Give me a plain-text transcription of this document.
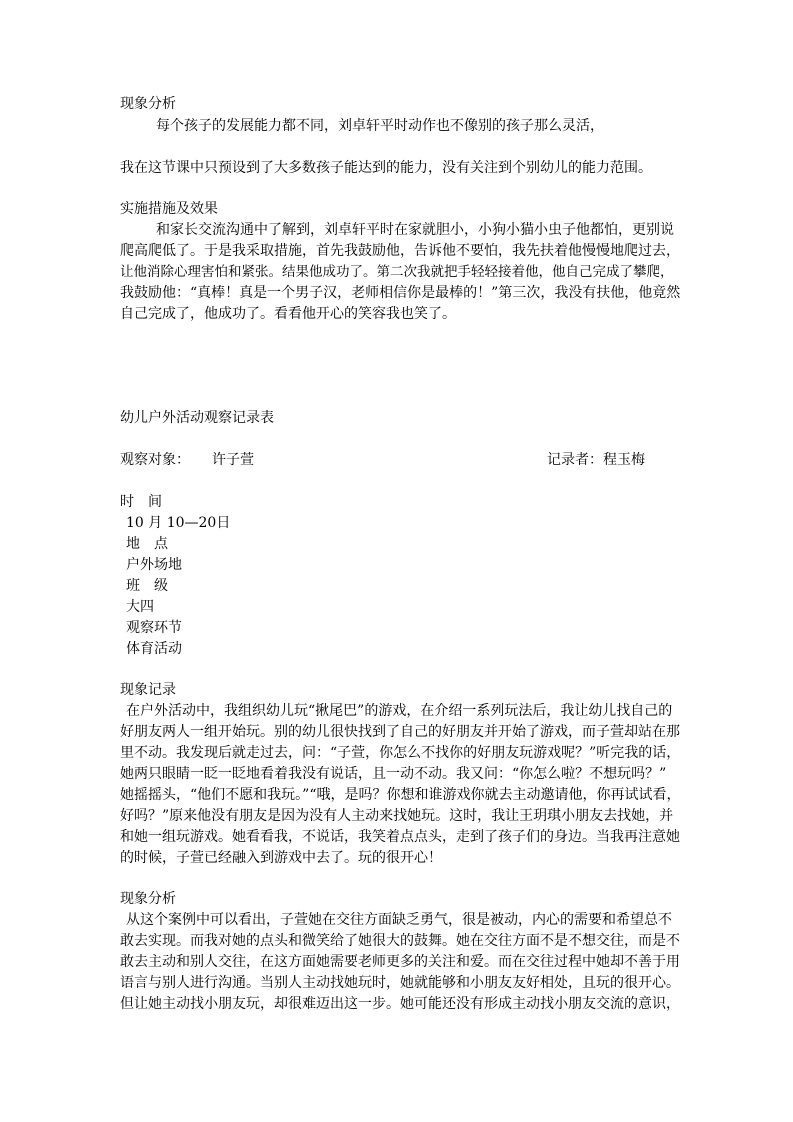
现象分析
每个孩子的发展能力都不同，刘卓轩平时动作也不像别的孩子那么灵活，
我在这节课中只预设到了大多数孩子能达到的能力，没有关注到个别幼儿的能力范围。
实施措施及效果
和家长交流沟通中了解到，刘卓轩平时在家就胆小，小狗小猫小虫子他都怕，更别说
爬高爬低了。于是我采取措施，首先我鼓励他，告诉他不要怕，我先扶着他慢慢地爬过去，
让他消除心理害怕和紧张。结果他成功了。第二次我就把手轻轻接着他，他自己完成了攀爬，
我鼓励他：“真棒！真是一个男子汉，老师相信你是最棒的！”第三次，我没有扶他，他竟然
自己完成了，他成功了。看看他开心的笑容我也笑了。
幼儿户外活动观察记录表
观察对象： 许子萱	记录者：程玉梅
时　间
10 月 10—20日
地　点
户外场地
班　级
大四
观察环节
体育活动
现象记录
在户外活动中，我组织幼儿玩“揪尾巴”的游戏，在介绍一系列玩法后，我让幼儿找自己的
好朋友两人一组开始玩。别的幼儿很快找到了自己的好朋友并开始了游戏，而子萱却站在那
里不动。我发现后就走过去，问：“子萱，你怎么不找你的好朋友玩游戏呢？”听完我的话，
她两只眼睛一眨一眨地看着我没有说话，且一动不动。我又问：“你怎么啦？不想玩吗？”
她摇摇头，“他们不愿和我玩。”“哦，是吗？你想和谁游戏你就去主动邀请他，你再试试看，
好吗？”原来他没有朋友是因为没有人主动来找她玩。这时，我让王玥琪小朋友去找她，并
和她一组玩游戏。她看看我，不说话，我笑着点点头，走到了孩子们的身边。当我再注意她
的时候，子萱已经融入到游戏中去了。玩的很开心！
现象分析
从这个案例中可以看出，子萱她在交往方面缺乏勇气，很是被动，内心的需要和希望总不
敢去实现。而我对她的点头和微笑给了她很大的鼓舞。她在交往方面不是不想交往，而是不
敢去主动和别人交往，在这方面她需要老师更多的关注和爱。而在交往过程中她却不善于用
语言与别人进行沟通。当别人主动找她玩时，她就能够和小朋友友好相处，且玩的很开心。
但让她主动找小朋友玩，却很难迈出这一步。她可能还没有形成主动找小朋友交流的意识，
